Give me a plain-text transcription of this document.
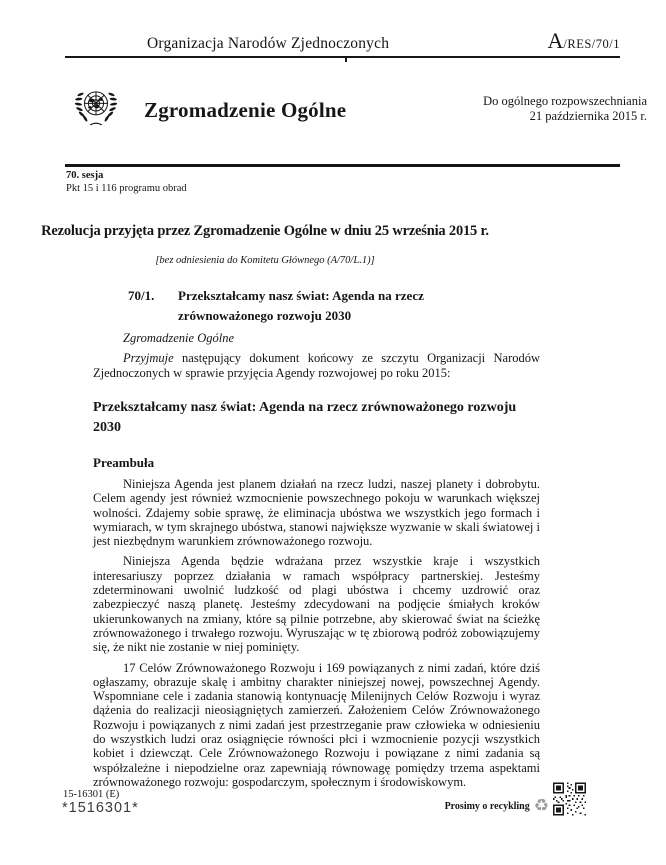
Organizacja Narodów Zjednoczonych	A/RES/70/1
Zgromadzenie Ogólne	Do ogólnego rozpowszechniania
21 października 2015 r.
70. sesja
Pkt 15 i 116 programu obrad
Rezolucja przyjęta przez Zgromadzenie Ogólne w dniu 25 września 2015 r.
[bez odniesienia do Komitetu Głównego (A/70/L.1)]
70/1.	Przekształcamy nasz świat: Agenda na rzecz zrównoważonego rozwoju 2030
Zgromadzenie Ogólne

Przyjmuje następujący dokument końcowy ze szczytu Organizacji Narodów Zjednoczonych w sprawie przyjęcia Agendy rozwojowej po roku 2015:

Przekształcamy nasz świat: Agenda na rzecz zrównoważonego rozwoju 2030
Preambuła

Niniejsza Agenda jest planem działań na rzecz ludzi, naszej planety i dobrobytu. Celem agendy jest również wzmocnienie powszechnego pokoju w warunkach większej wolności. Zdajemy sobie sprawę, że eliminacja ubóstwa we wszystkich jego formach i wymiarach, w tym skrajnego ubóstwa, stanowi największe wyzwanie w skali światowej i jest niezbędnym warunkiem zrównoważonego rozwoju.

Niniejsza Agenda będzie wdrażana przez wszystkie kraje i wszystkich interesariuszy poprzez działania w ramach współpracy partnerskiej. Jesteśmy zdeterminowani uwolnić ludzkość od plagi ubóstwa i chcemy uzdrowić oraz zabezpieczyć naszą planetę. Jesteśmy zdecydowani na podjęcie śmiałych kroków ukierunkowanych na zmiany, które są pilnie potrzebne, aby skierować świat na ścieżkę zrównoważonego i trwałego rozwoju. Wyruszając w tę zbiorową podróż zobowiązujemy się, że nikt nie zostanie w niej pominięty.

17 Celów Zrównoważonego Rozwoju i 169 powiązanych z nimi zadań, które dziś ogłaszamy, obrazuje skalę i ambitny charakter niniejszej nowej, powszechnej Agendy. Wspomniane cele i zadania stanowią kontynuację Milenijnych Celów Rozwoju i wyraz dążenia do realizacji nieosiągniętych zamierzeń. Założeniem Celów Zrównoważonego Rozwoju i powiązanych z nimi zadań jest przestrzeganie praw człowieka w odniesieniu do wszystkich ludzi oraz osiągnięcie równości płci i wzmocnienie pozycji wszystkich kobiet i dziewcząt. Cele Zrównoważonego Rozwoju i powiązane z nimi zadania są współzależne i niepodzielne oraz zapewniają równowagę pomiędzy trzema aspektami zrównoważonego rozwoju: gospodarczym, społecznym i środowiskowym.

15-16301 (E)
*1516301*	Prosimy o recykling ♻
